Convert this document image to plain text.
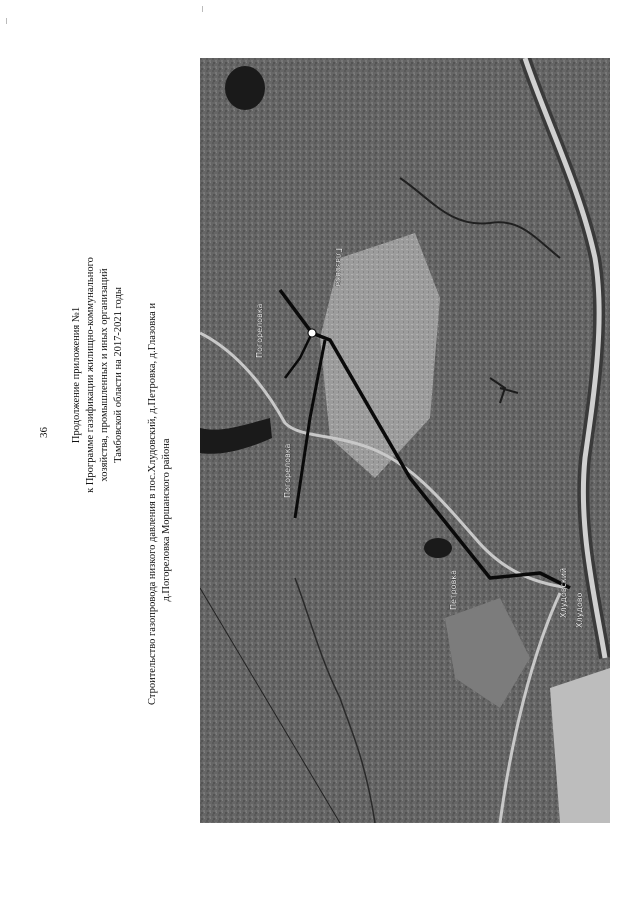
36 Продолжение приложения №1 к Программе газификации жилищно-коммунального хозяйства, промышленных и иных организаций Тамбовской области на 2017-2021 годы Строительство газопровода низкого давления в пос.Хлудовский, д.Петровка, д.Глазовка и д.Погореловка Моршанского района
Глазовка
Погореловка
Погореловка
Петровка	Хлудовский Хлудово
